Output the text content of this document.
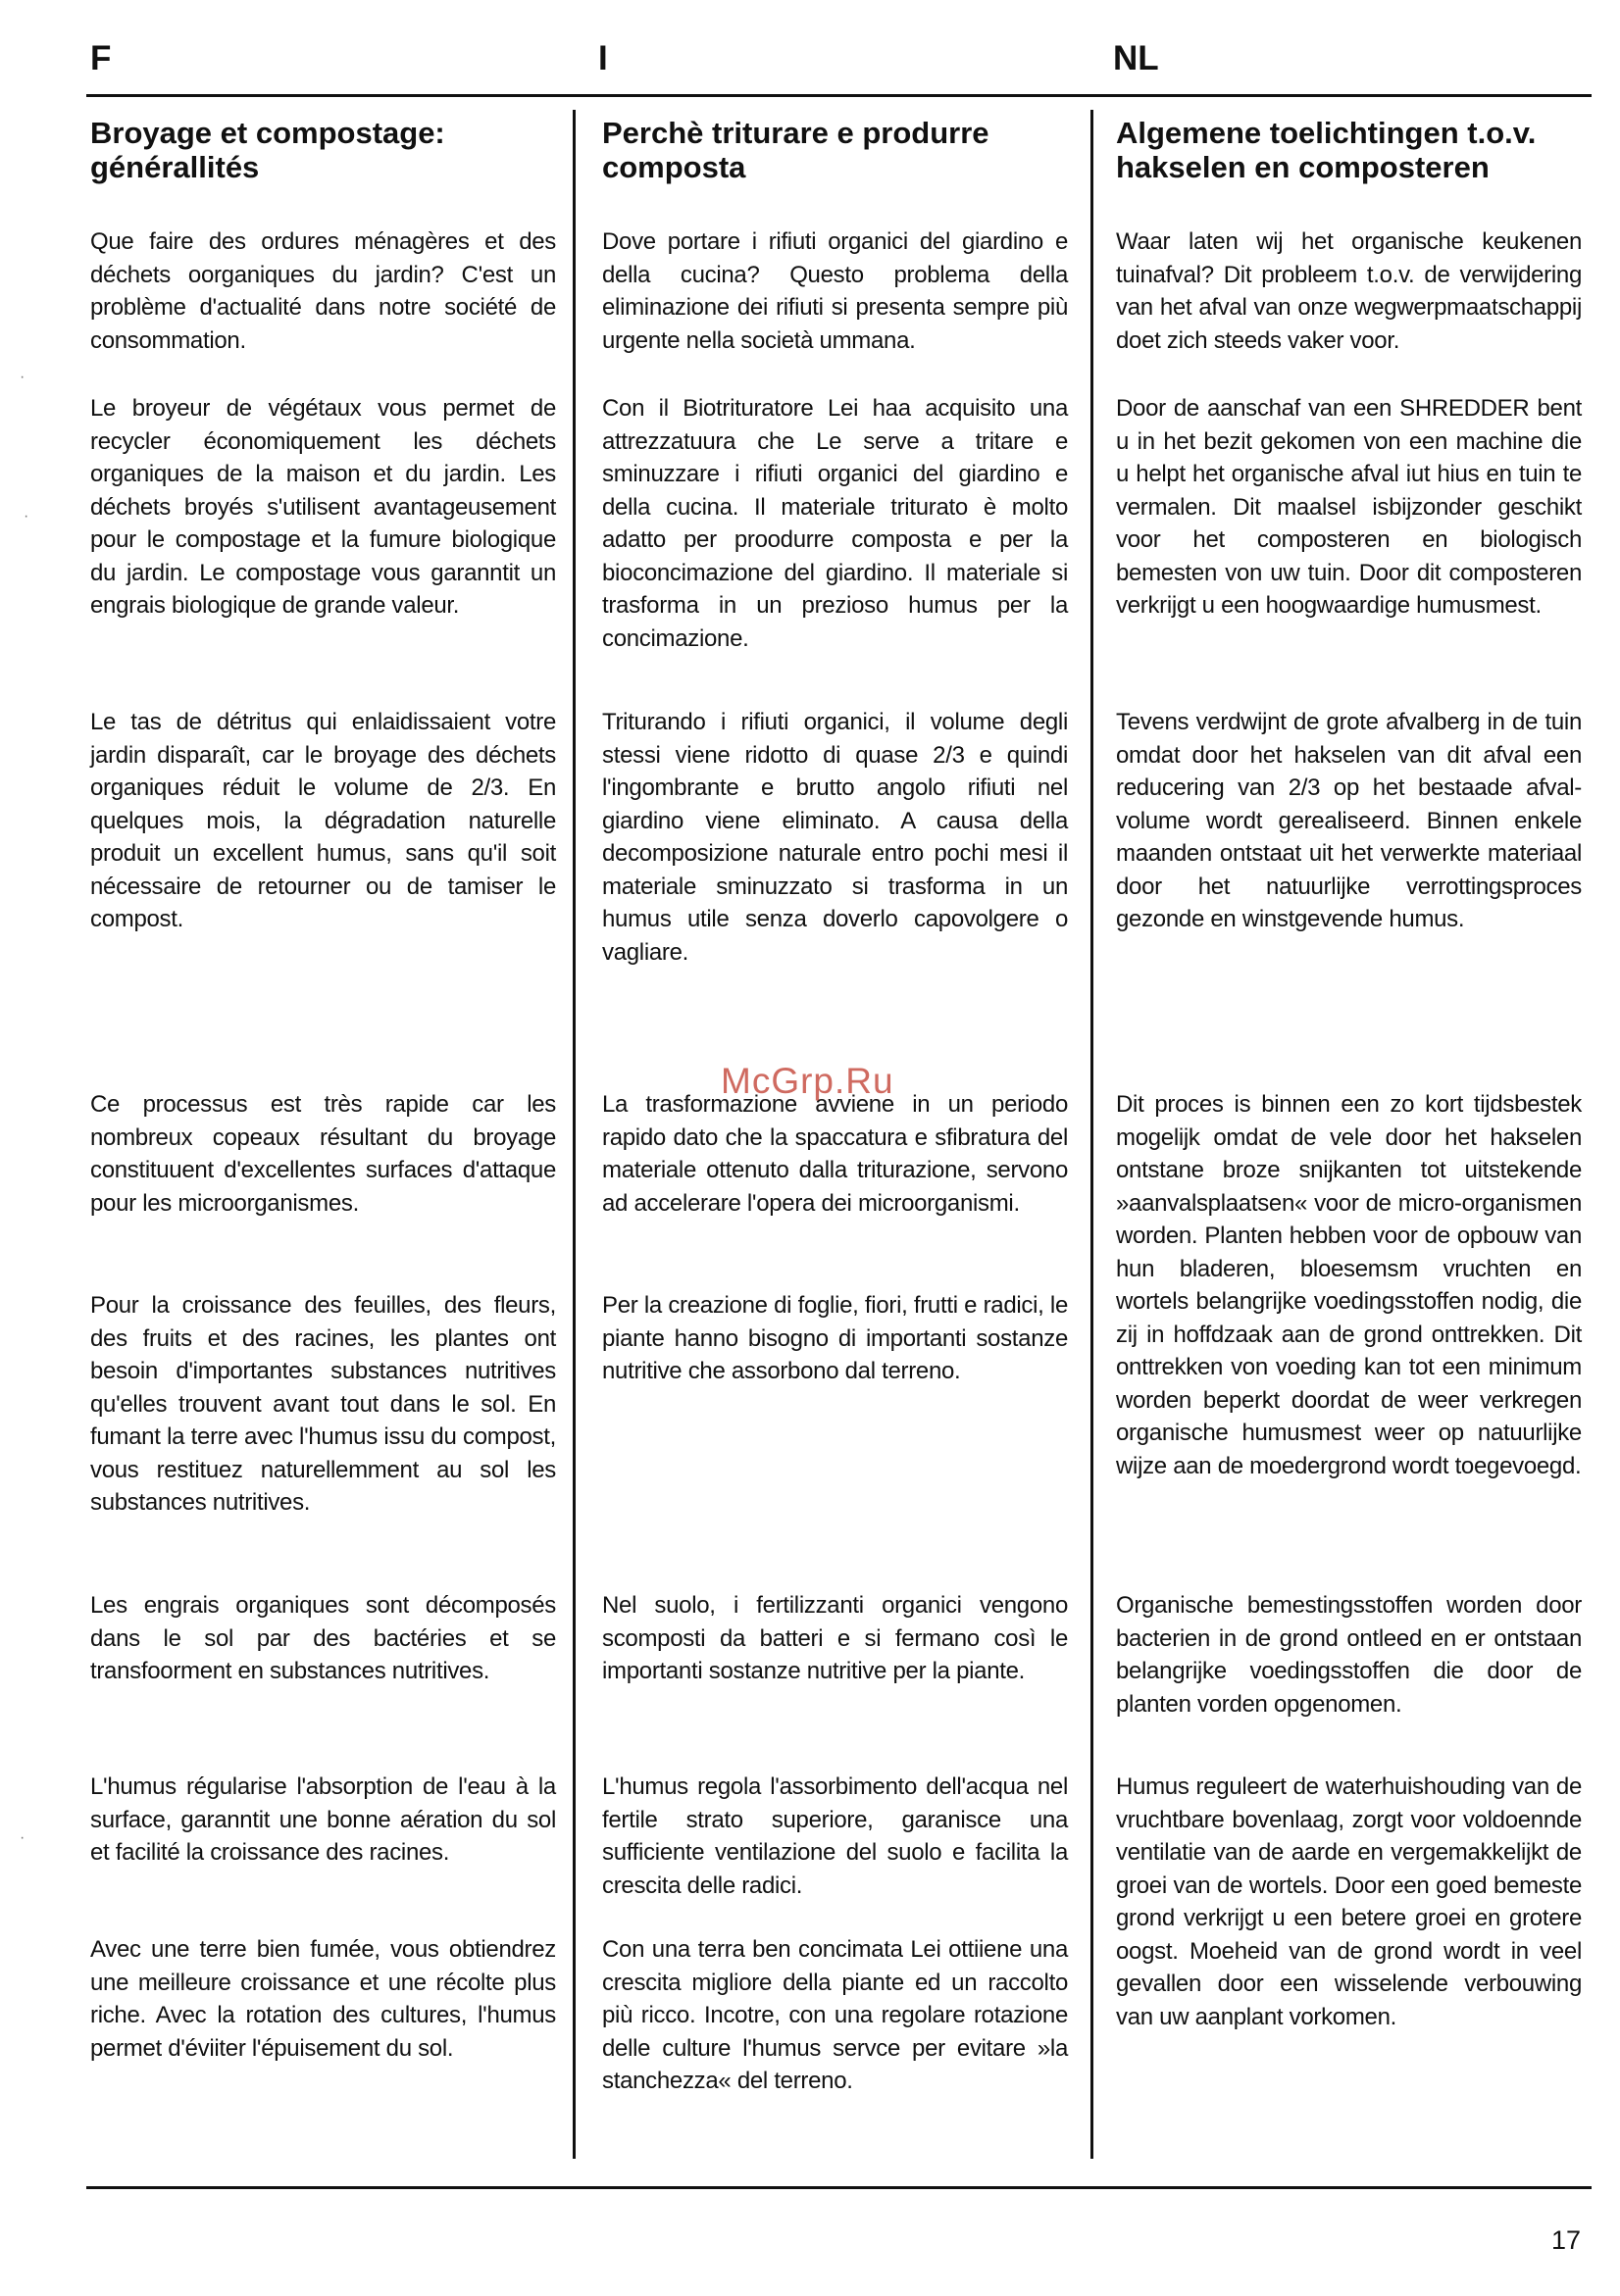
F	I	NL
Broyage et compostage: générallités

Que faire des ordures ménagères et des déchets oorganiques du jardin? C'est un problème d'actualité dans notre société de consommation.

Le broyeur de végétaux vous permet de recycler économiquement les déchets organiques de la maison et du jardin. Les déchets broyés s'utilisent avantageusement pour le compostage et la fumure biologique du jardin. Le compostage vous garanntit un engrais biologique de grande valeur.

Le tas de détritus qui enlaidissaient votre jardin disparaît, car le broyage des déchets organiques réduit le volume de 2/3. En quelques mois, la dégradation naturelle produit un excellent humus, sans qu'il soit nécessaire de retourner ou de tamiser le compost.

Ce processus est très rapide car les nombreux copeaux résultant du broyage constituuent d'excellentes surfaces d'attaque pour les microorganismes.

Pour la croissance des feuilles, des fleurs, des fruits et des racines, les plantes ont besoin d'importantes substances nutritives qu'elles trouvent avant tout dans le sol. En fumant la terre avec l'humus issu du compost, vous restituez naturellemment au sol les substances nutritives.

Les engrais organiques sont décomposés dans le sol par des bactéries et se transfoorment en substances nutritives.

L'humus régularise l'absorption de l'eau à la surface, garanntit une bonne aération du sol et facilité la croissance des racines.

Avec une terre bien fumée, vous obtiendrez une meilleure croissance et une récolte plus riche. Avec la rotation des cultures, l'humus permet d'éviiter l'épuisement du sol.

Perchè triturare e produrre composta

Dove portare i rifiuti organici del giardino e della cucina? Questo problema della eliminazione dei rifiuti si presenta sempre più urgente nella società ummana.

Con il Biotrituratore Lei haa acquisito una attrezzatuura che Le serve a tritare e sminuzzare i rifiuti organici del giardino e della cucina. Il materiale triturato è molto adatto per proodurre composta e per la bioconcimazione del giardino. Il materiale si trasforma in un prezioso humus per la concimazione.

Triturando i rifiuti organici, il volume degli stessi viene ridotto di quase 2/3 e quindi l'ingombrante e brutto angolo rifiuti nel giardino viene eliminato. A causa della decomposizione naturale entro pochi mesi il materiale sminuzzato si trasforma in un humus utile senza doverlo capovolgere o vagliare.

La trasformazione avviene in un periodo rapido dato che la spaccatura e sfibratura del materiale ottenuto dalla triturazione, servono ad accelerare l'opera dei microorganismi.

Per la creazione di foglie, fiori, frutti e radici, le piante hanno bisogno di importanti sostanze nutritive che assorbono dal terreno.

Nel suolo, i fertilizzanti organici vengono scomposti da batteri e si fermano così le importanti sostanze nutritive per la piante.

L'humus regola l'assorbimento dell'acqua nel fertile strato superiore, garanisce una sufficiente ventilazione del suolo e facilita la crescita delle radici.

Con una terra ben concimata Lei ottiiene una crescita migliore della piante ed un raccolto più ricco. Incotre, con una regolare rotazione delle culture l'humus servce per evitare »la stanchezza« del terreno.

Algemene toelichtingen t.o.v. hakselen en composteren

Waar laten wij het organische keukenen tuinafval? Dit probleem t.o.v. de verwijdering van het afval van onze wegwerpmaatschappij doet zich steeds vaker voor.

Door de aanschaf van een SHREDDER bent u in het bezit gekomen von een machine die u helpt het organische afval iut hius en tuin te vermalen. Dit maalsel isbijzonder geschikt voor het composteren en biologisch bemesten von uw tuin. Door dit composteren verkrijgt u een hoogwaardige humusmest.

Tevens verdwijnt de grote afvalberg in de tuin omdat door het hakselen van dit afval een reducering van 2/3 op het bestaade afval-volume wordt gerealiseerd. Binnen enkele maanden ontstaat uit het verwerkte materiaal door het natuurlijke verrottingsproces gezonde en winstgevende humus.

Dit proces is binnen een zo kort tijdsbestek mogelijk omdat de vele door het hakselen ontstane broze snijkanten tot uitstekende »aanvalsplaatsen« voor de micro-organismen worden. Planten hebben voor de opbouw van hun bladeren, bloesemsm vruchten en wortels belangrijke voedingsstoffen nodig, die zij in hoffdzaak aan de grond onttrekken. Dit onttrekken von voeding kan tot een minimum worden beperkt doordat de weer verkregen organische humusmest weer op natuurlijke wijze aan de moedergrond wordt toegevoegd.

Organische bemestingsstoffen worden door bacterien in de grond ontleed en er ontstaan belangrijke voedingsstoffen die door de planten vorden opgenomen.

Humus reguleert de waterhuishouding van de vruchtbare bovenlaag, zorgt voor voldoennde ventilatie van de aarde en vergemakkelijkt de groei van de wortels. Door een goed bemeste grond verkrijgt u een betere groei en grotere oogst. Moeheid van de grond wordt in veel gevallen door een wisselende verbouwing van uw aanplant vorkomen.

McGrp.Ru
·
·
·
17
